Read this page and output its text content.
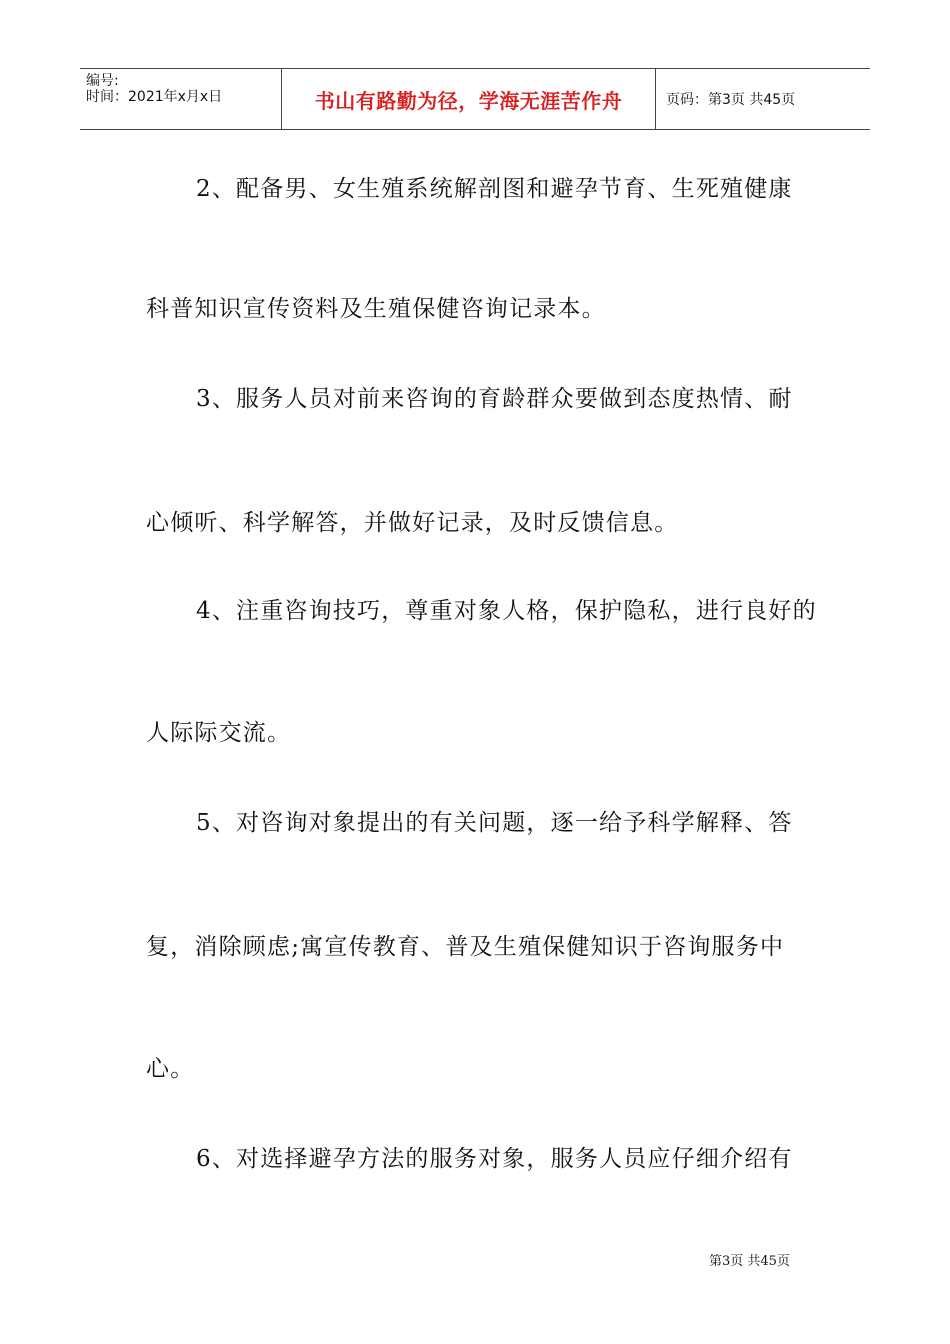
编号:
时间：2021年x月x日	书山有路勤为径，学海无涯苦作舟	页码：第3页 共45页
2、配备男、女生殖系统解剖图和避孕节育、生死殖健康
科普知识宣传资料及生殖保健咨询记录本。
3、服务人员对前来咨询的育龄群众要做到态度热情、耐
心倾听、科学解答，并做好记录，及时反馈信息。
4、注重咨询技巧，尊重对象人格，保护隐私，进行良好的
人际际交流。
5、对咨询对象提出的有关问题，逐一给予科学解释、答
复，消除顾虑;寓宣传教育、普及生殖保健知识于咨询服务中
心。
6、对选择避孕方法的服务对象，服务人员应仔细介绍有
第3页 共45页
